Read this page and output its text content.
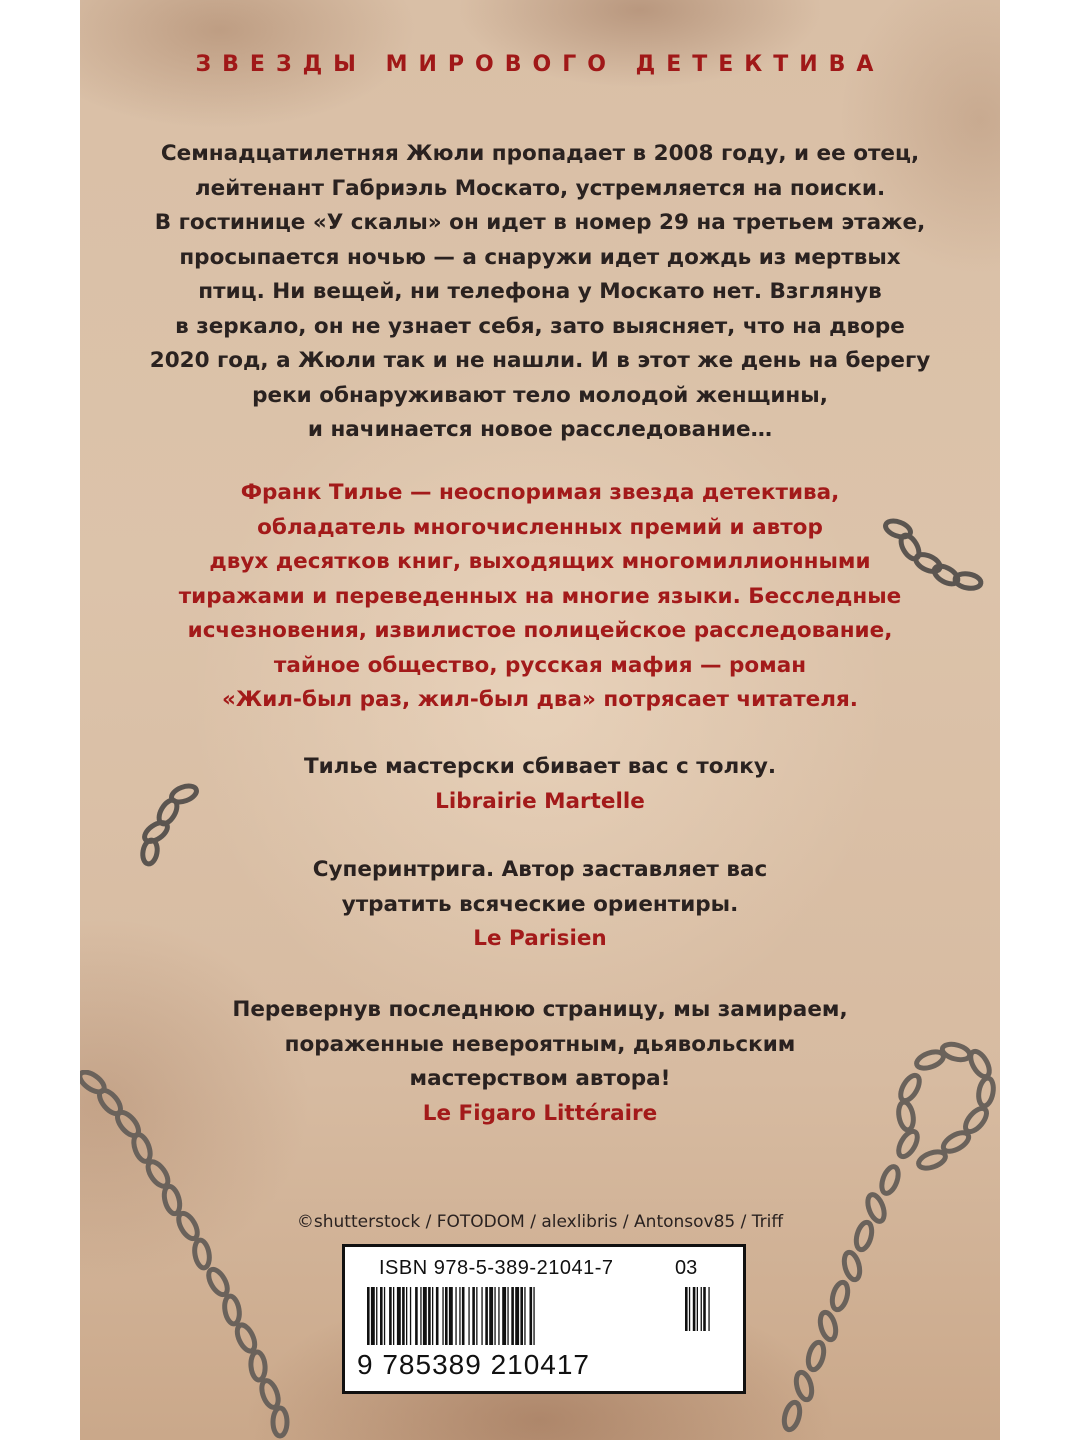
ЗВЕЗДЫ МИРОВОГО ДЕТЕКТИВА

Семнадцатилетняя Жюли пропадает в 2008 году, и ее отец,
лейтенант Габриэль Москато, устремляется на поиски.
В гостинице «У скалы» он идет в номер 29 на третьем этаже,
просыпается ночью — а снаружи идет дождь из мертвых
птиц. Ни вещей, ни телефона у Москато нет. Взглянув
в зеркало, он не узнает себя, зато выясняет, что на дворе
2020 год, а Жюли так и не нашли. И в этот же день на берегу
реки обнаруживают тело молодой женщины,
и начинается новое расследование…

Франк Тилье — неоспоримая звезда детектива,
обладатель многочисленных премий и автор
двух десятков книг, выходящих многомиллионными
тиражами и переведенных на многие языки. Бесследные
исчезновения, извилистое полицейское расследование,
тайное общество, русская мафия — роман
«Жил-был раз, жил-был два» потрясает читателя.

Тилье мастерски сбивает вас с толку.
Librairie Martelle

Суперинтрига. Автор заставляет вас
утратить всяческие ориентиры.
Le Parisien

Перевернув последнюю страницу, мы замираем,
пораженные невероятным, дьявольским
мастерством автора!
Le Figaro Littéraire

©shutterstock / FOTODOM / alexlibris / Antonsov85 / Triff
ISBN 978-5-389-21041-7	03
9 785389 210417
